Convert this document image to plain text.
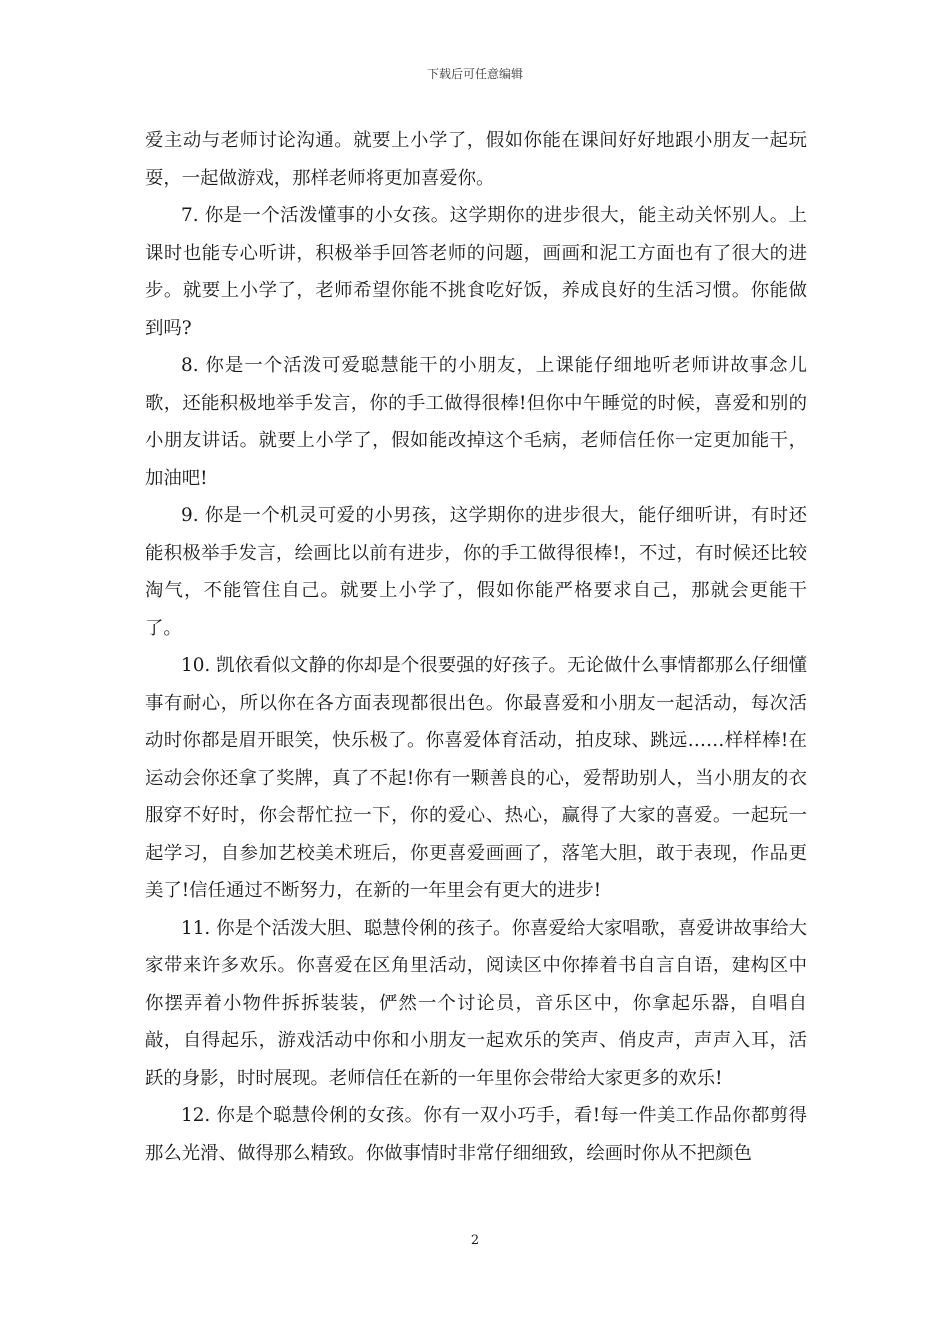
下载后可任意编辑

爱主动与老师讨论沟通。就要上小学了，假如你能在课间好好地跟小朋友一起玩耍，一起做游戏，那样老师将更加喜爱你。

7. 你是一个活泼懂事的小女孩。这学期你的进步很大，能主动关怀别人。上课时也能专心听讲，积极举手回答老师的问题，画画和泥工方面也有了很大的进步。就要上小学了，老师希望你能不挑食吃好饭，养成良好的生活习惯。你能做到吗?

8. 你是一个活泼可爱聪慧能干的小朋友，上课能仔细地听老师讲故事念儿歌，还能积极地举手发言，你的手工做得很棒!但你中午睡觉的时候，喜爱和别的小朋友讲话。就要上小学了，假如能改掉这个毛病，老师信任你一定更加能干，加油吧!

9. 你是一个机灵可爱的小男孩，这学期你的进步很大，能仔细听讲，有时还能积极举手发言，绘画比以前有进步，你的手工做得很棒!，不过，有时候还比较淘气，不能管住自己。就要上小学了，假如你能严格要求自己，那就会更能干了。

10. 凯依看似文静的你却是个很要强的好孩子。无论做什么事情都那么仔细懂事有耐心，所以你在各方面表现都很出色。你最喜爱和小朋友一起活动，每次活动时你都是眉开眼笑，快乐极了。你喜爱体育活动，拍皮球、跳远……样样棒!在运动会你还拿了奖牌，真了不起!你有一颗善良的心，爱帮助别人，当小朋友的衣服穿不好时，你会帮忙拉一下，你的爱心、热心，赢得了大家的喜爱。一起玩一起学习，自参加艺校美术班后，你更喜爱画画了，落笔大胆，敢于表现，作品更美了!信任通过不断努力，在新的一年里会有更大的进步!

11. 你是个活泼大胆、聪慧伶俐的孩子。你喜爱给大家唱歌，喜爱讲故事给大家带来许多欢乐。你喜爱在区角里活动，阅读区中你捧着书自言自语，建构区中你摆弄着小物件拆拆装装，俨然一个讨论员，音乐区中，你拿起乐器，自唱自敲，自得起乐，游戏活动中你和小朋友一起欢乐的笑声、俏皮声，声声入耳，活跃的身影，时时展现。老师信任在新的一年里你会带给大家更多的欢乐!

12. 你是个聪慧伶俐的女孩。你有一双小巧手，看!每一件美工作品你都剪得那么光滑、做得那么精致。你做事情时非常仔细细致，绘画时你从不把颜色

2
